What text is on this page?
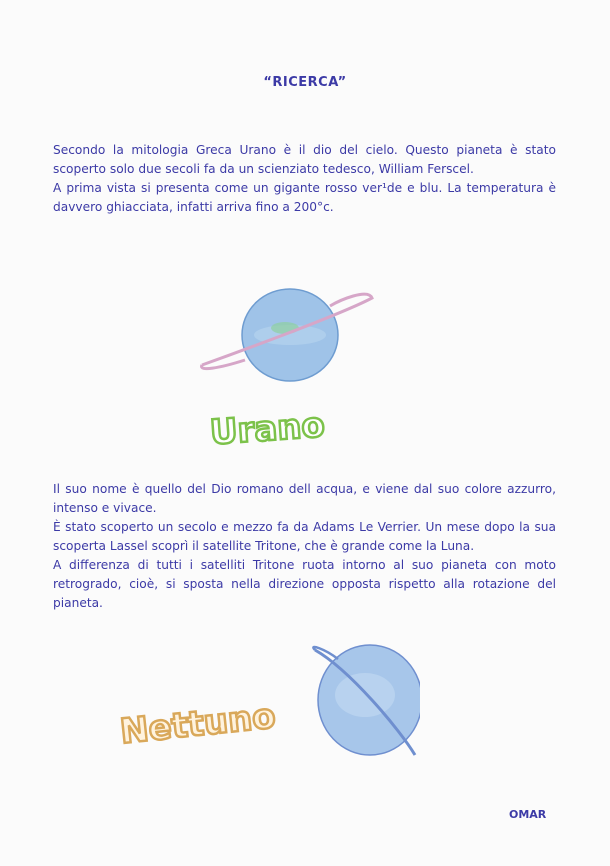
“RICERCA”

Secondo la mitologia Greca Urano è il dio del cielo. Questo pianeta è stato scoperto solo due secoli fa da un scienziato tedesco, William Ferscel.

A prima vista si presenta come un gigante rosso ver¹de e blu. La temperatura è davvero ghiacciata, infatti arriva fino a 200°c.

Urano

Il suo nome è quello del Dio romano dell acqua, e viene dal suo colore azzurro, intenso e vivace.

È stato scoperto un secolo e mezzo fa da Adams Le Verrier. Un mese dopo la sua scoperta Lassel scoprì il satellite Tritone, che è grande come la Luna.

A differenza di tutti i satelliti Tritone ruota intorno al suo pianeta con moto retrogrado, cioè, si sposta nella direzione opposta rispetto alla rotazione del pianeta.

Nettuno
OMAR
